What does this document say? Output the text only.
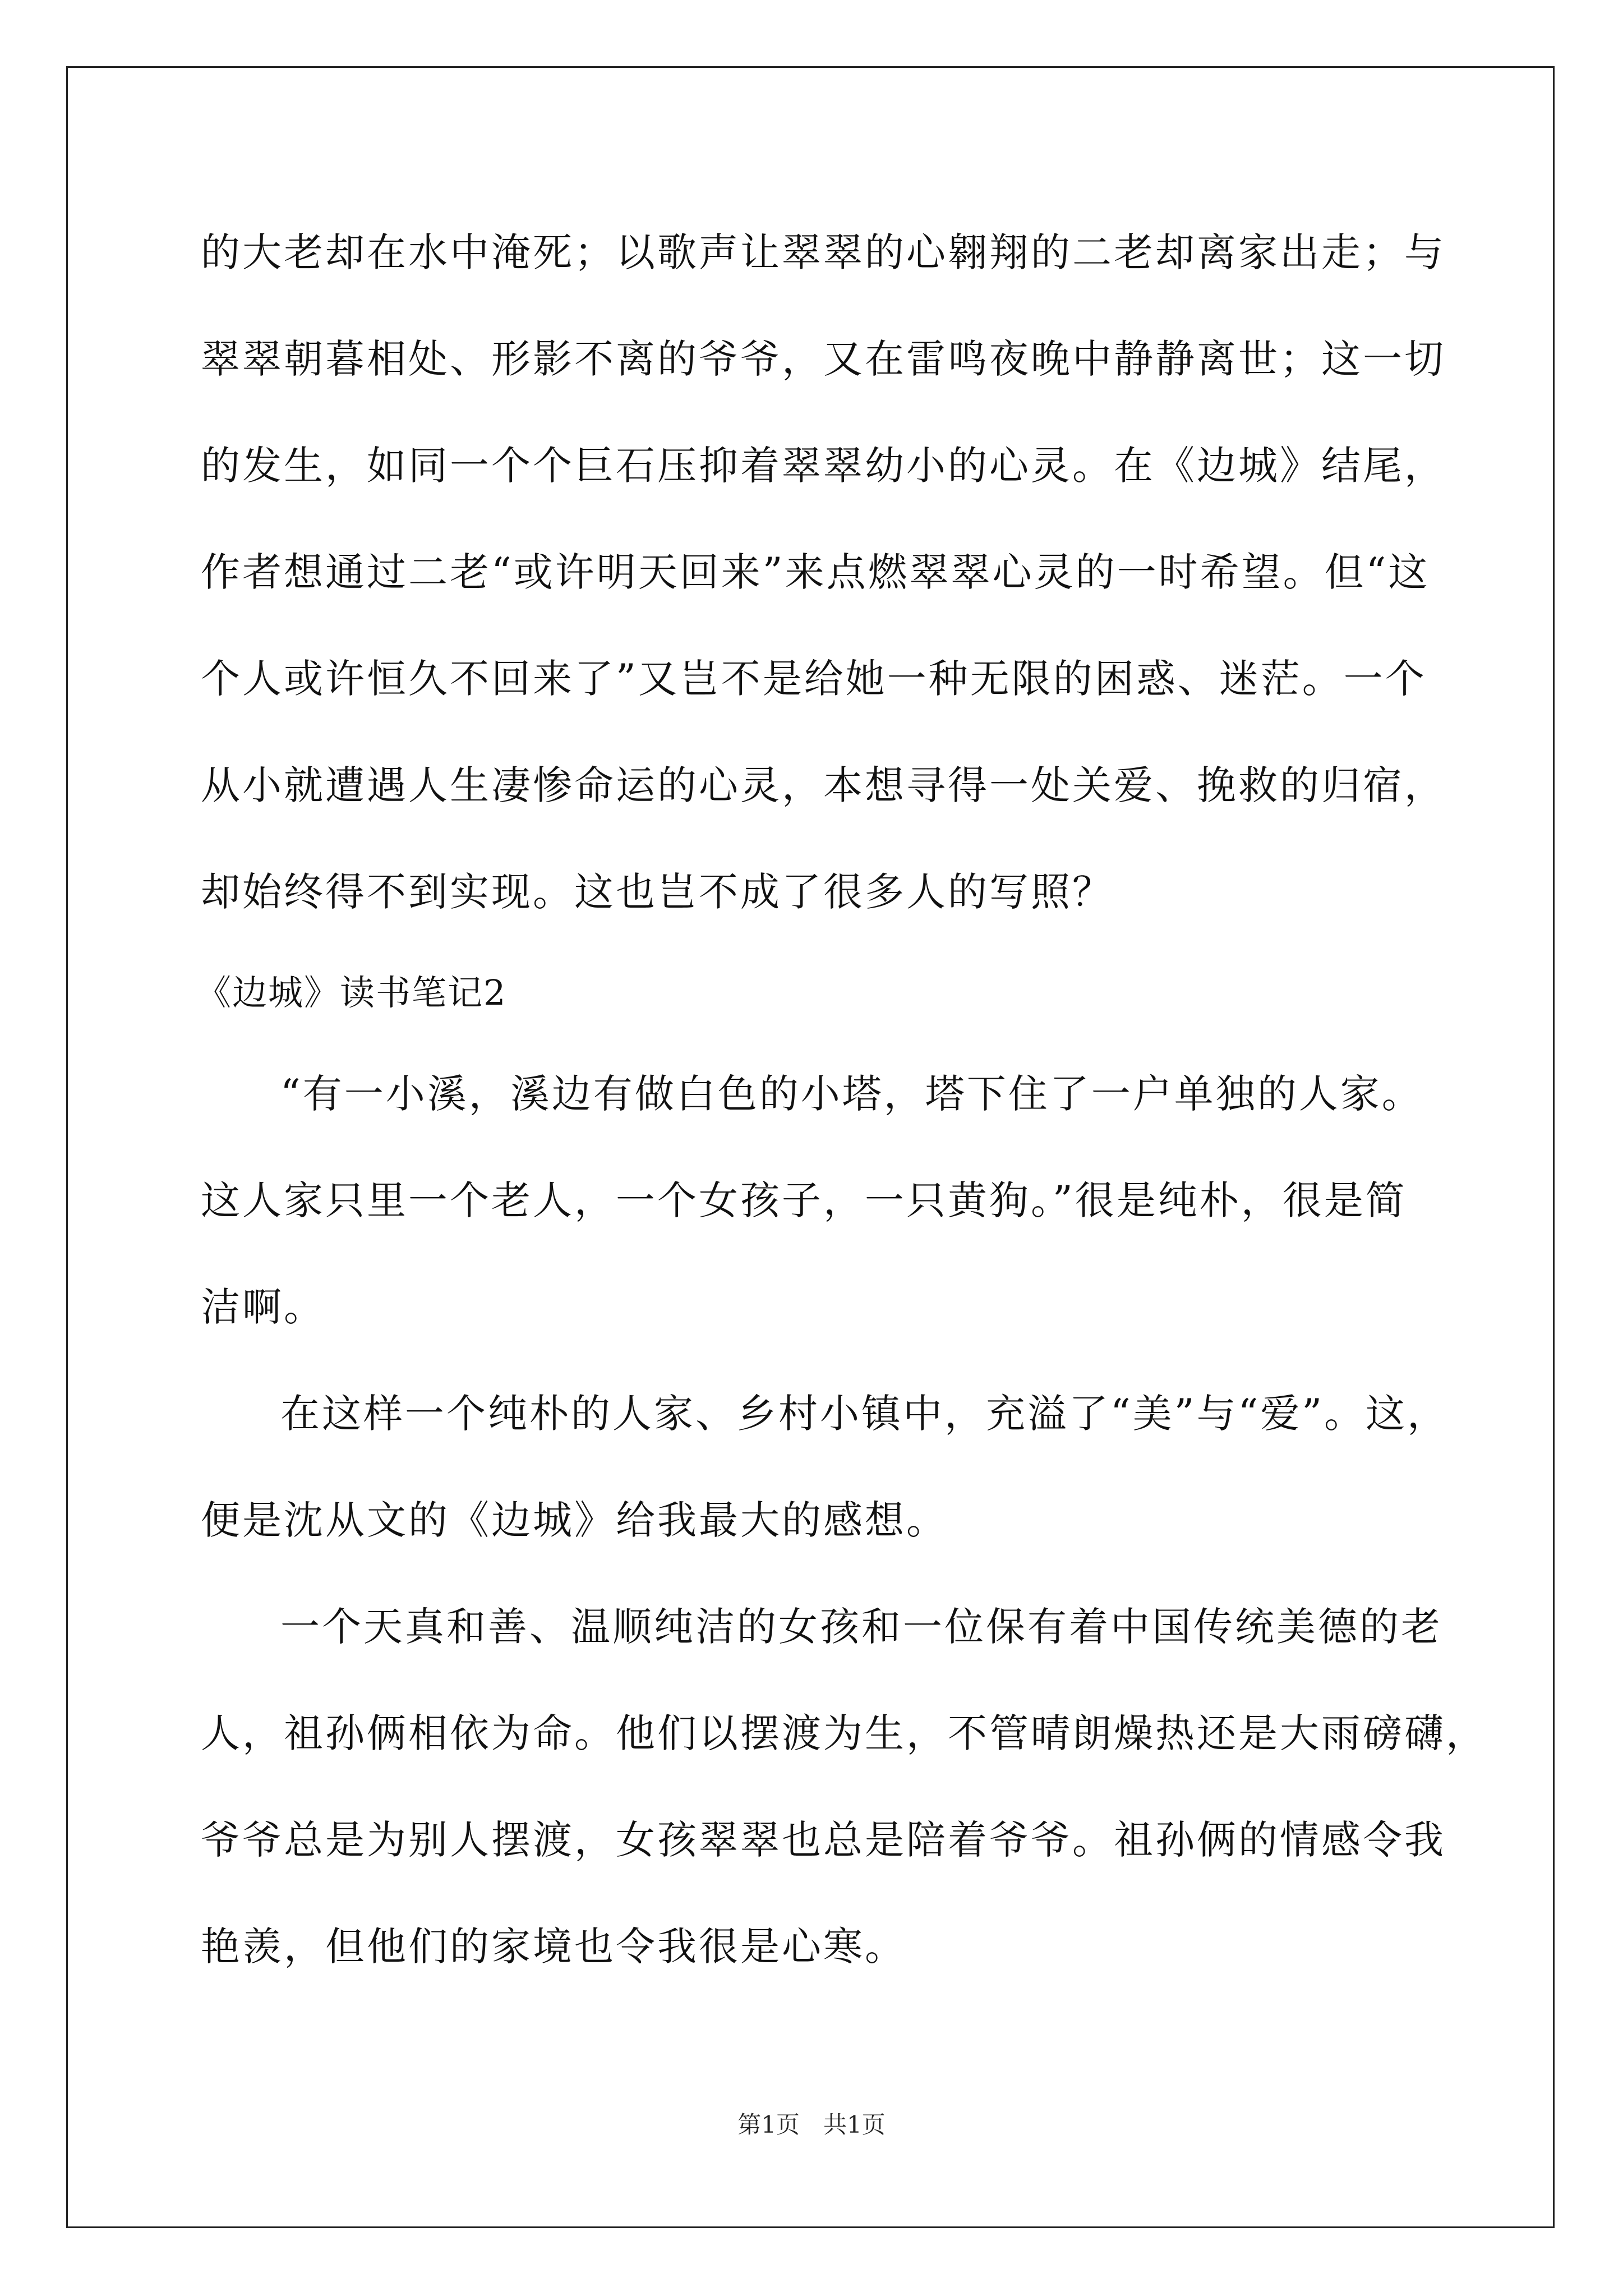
的大老却在水中淹死；以歌声让翠翠的心翱翔的二老却离家出走；与
翠翠朝暮相处、形影不离的爷爷，又在雷鸣夜晚中静静离世；这一切
的发生，如同一个个巨石压抑着翠翠幼小的心灵。在《边城》结尾，
作者想通过二老“或许明天回来”来点燃翠翠心灵的一时希望。但“这
个人或许恒久不回来了”又岂不是给她一种无限的困惑、迷茫。一个
从小就遭遇人生凄惨命运的心灵，本想寻得一处关爱、挽救的归宿，
却始终得不到实现。这也岂不成了很多人的写照？
《边城》读书笔记2
“有一小溪，溪边有做白色的小塔，塔下住了一户单独的人家。
这人家只里一个老人，一个女孩子，一只黄狗。”很是纯朴，很是简
洁啊。
在这样一个纯朴的人家、乡村小镇中，充溢了“美”与“爱”。这，
便是沈从文的《边城》给我最大的感想。
一个天真和善、温顺纯洁的女孩和一位保有着中国传统美德的老
人，祖孙俩相依为命。他们以摆渡为生，不管晴朗燥热还是大雨磅礴，
爷爷总是为别人摆渡，女孩翠翠也总是陪着爷爷。祖孙俩的情感令我
艳羡，但他们的家境也令我很是心寒。
第1页　共1页
